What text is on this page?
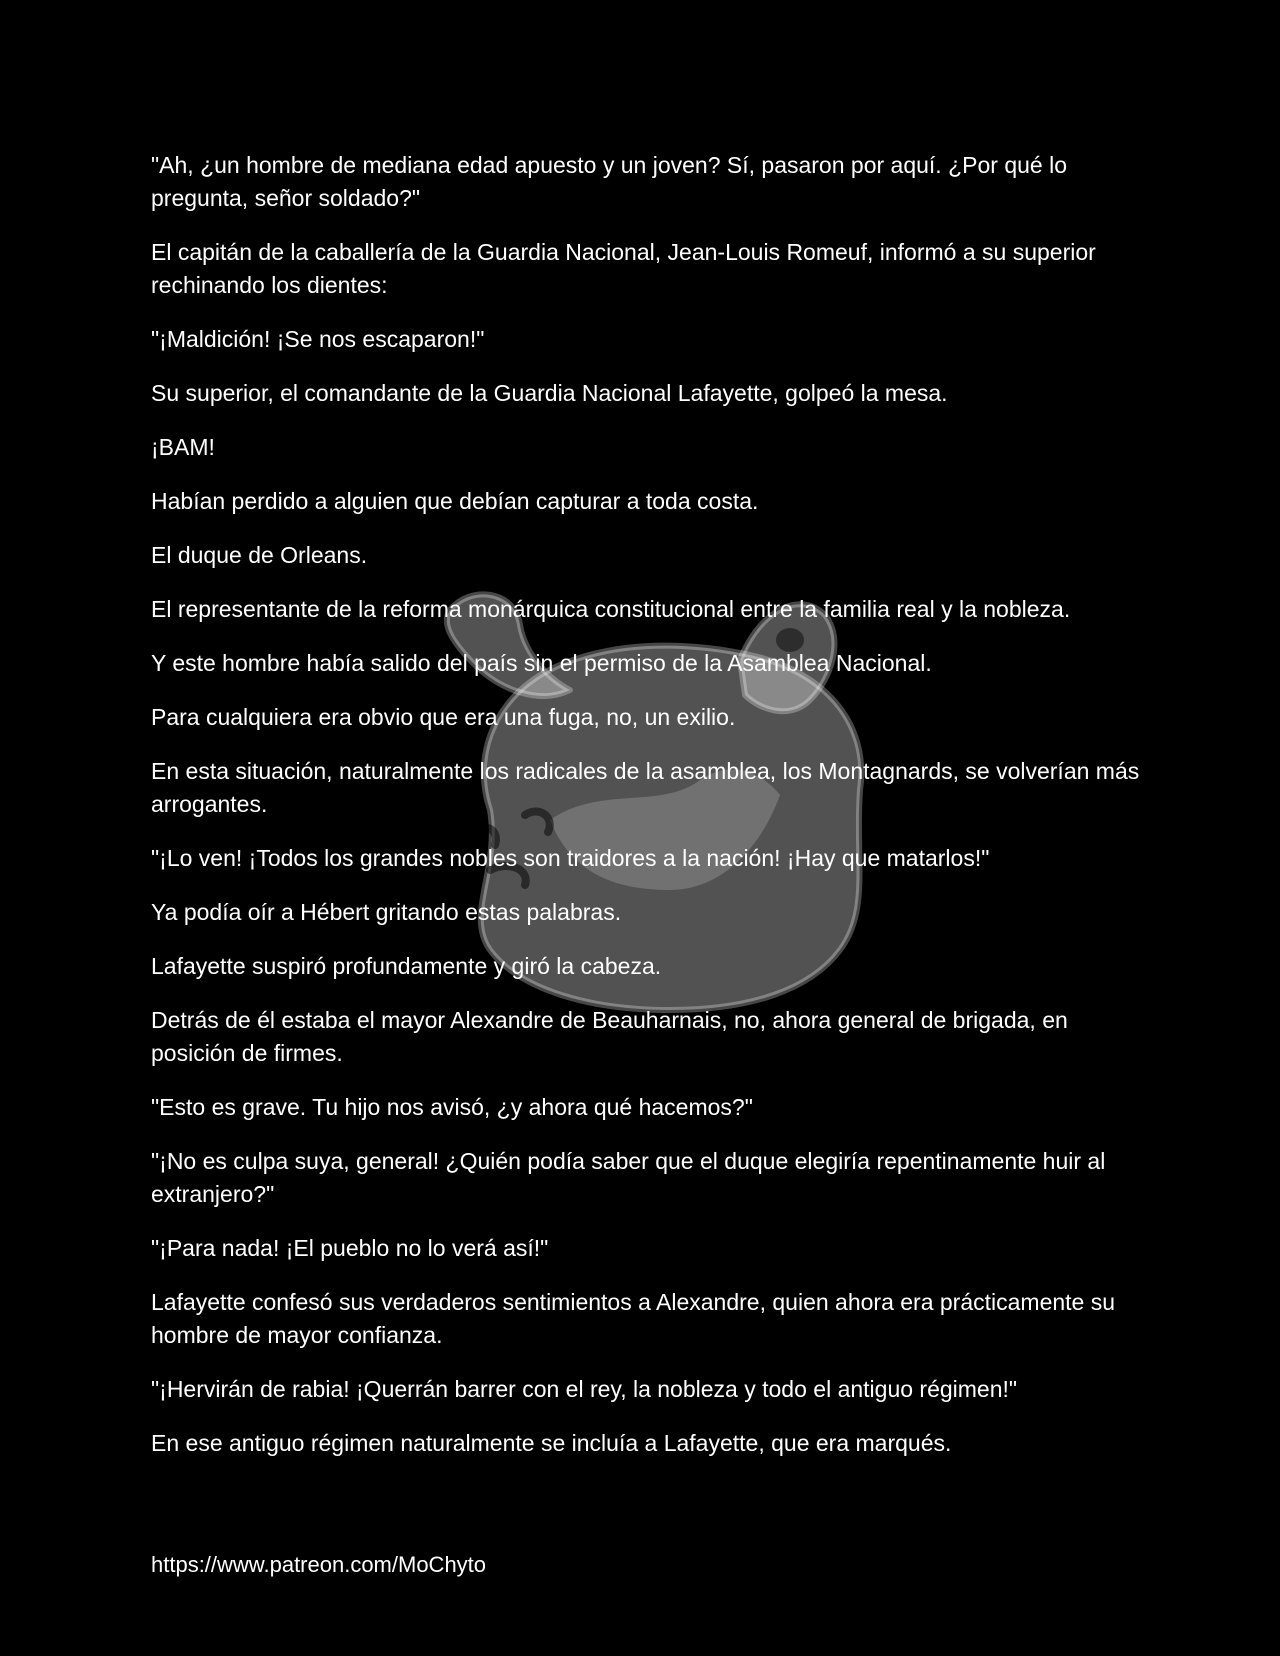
"Ah, ¿un hombre de mediana edad apuesto y un joven? Sí, pasaron por aquí. ¿Por qué lo pregunta, señor soldado?"

El capitán de la caballería de la Guardia Nacional, Jean-Louis Romeuf, informó a su superior rechinando los dientes:

"¡Maldición! ¡Se nos escaparon!"

Su superior, el comandante de la Guardia Nacional Lafayette, golpeó la mesa.

¡BAM!

Habían perdido a alguien que debían capturar a toda costa.

El duque de Orleans.

El representante de la reforma monárquica constitucional entre la familia real y la nobleza.

Y este hombre había salido del país sin el permiso de la Asamblea Nacional.

Para cualquiera era obvio que era una fuga, no, un exilio.

En esta situación, naturalmente los radicales de la asamblea, los Montagnards, se volverían más arrogantes.

"¡Lo ven! ¡Todos los grandes nobles son traidores a la nación! ¡Hay que matarlos!"

Ya podía oír a Hébert gritando estas palabras.

Lafayette suspiró profundamente y giró la cabeza.

Detrás de él estaba el mayor Alexandre de Beauharnais, no, ahora general de brigada, en posición de firmes.

"Esto es grave. Tu hijo nos avisó, ¿y ahora qué hacemos?"

"¡No es culpa suya, general! ¿Quién podía saber que el duque elegiría repentinamente huir al extranjero?"

"¡Para nada! ¡El pueblo no lo verá así!"

Lafayette confesó sus verdaderos sentimientos a Alexandre, quien ahora era prácticamente su hombre de mayor confianza.

"¡Hervirán de rabia! ¡Querrán barrer con el rey, la nobleza y todo el antiguo régimen!"

En ese antiguo régimen naturalmente se incluía a Lafayette, que era marqués.

https://www.patreon.com/MoChyto
